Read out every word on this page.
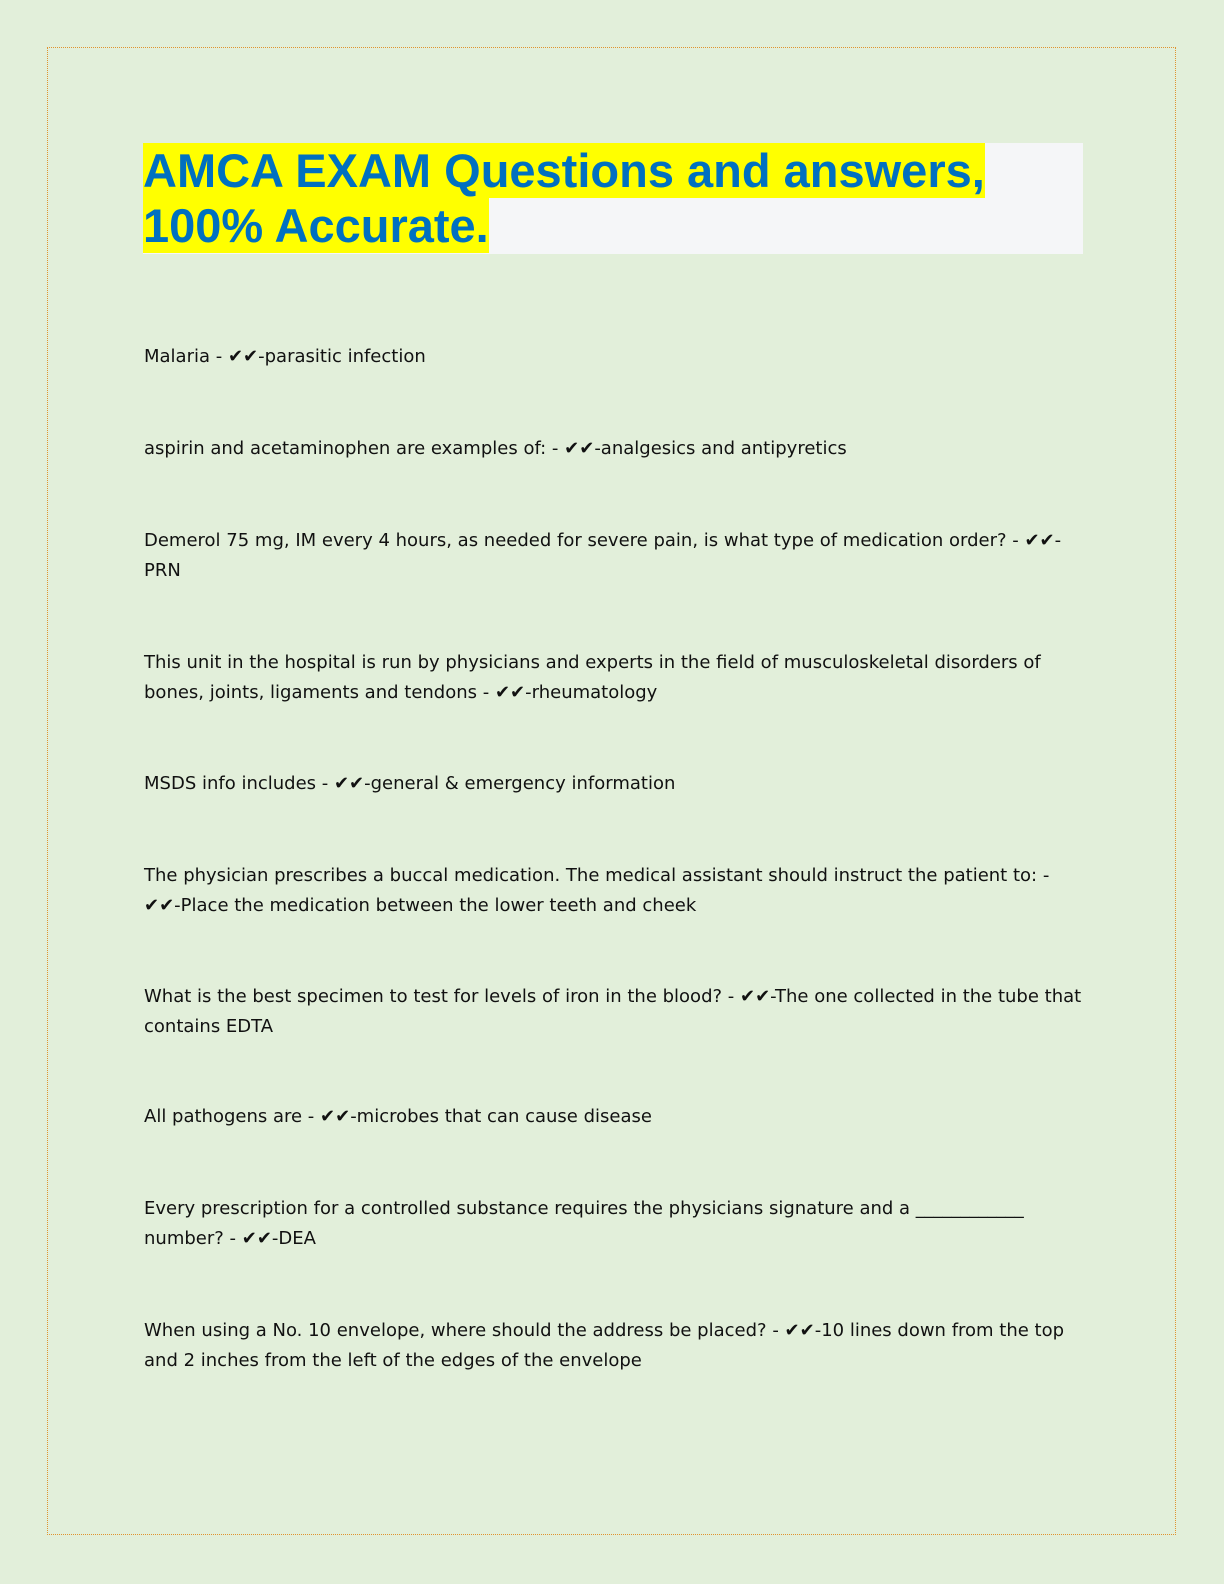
AMCA EXAM Questions and answers,
100% Accurate.

Malaria - ✔✔-parasitic infection

aspirin and acetaminophen are examples of: - ✔✔-analgesics and antipyretics

Demerol 75 mg, IM every 4 hours, as needed for severe pain, is what type of medication order? - ✔✔-PRN

This unit in the hospital is run by physicians and experts in the field of musculoskeletal disorders of bones, joints, ligaments and tendons - ✔✔-rheumatology

MSDS info includes - ✔✔-general & emergency information

The physician prescribes a buccal medication. The medical assistant should instruct the patient to: - ✔✔-Place the medication between the lower teeth and cheek

What is the best specimen to test for levels of iron in the blood? - ✔✔-The one collected in the tube that contains EDTA

All pathogens are - ✔✔-microbes that can cause disease

Every prescription for a controlled substance requires the physicians signature and a ____________ number? - ✔✔-DEA

When using a No. 10 envelope, where should the address be placed? - ✔✔-10 lines down from the top and 2 inches from the left of the edges of the envelope
